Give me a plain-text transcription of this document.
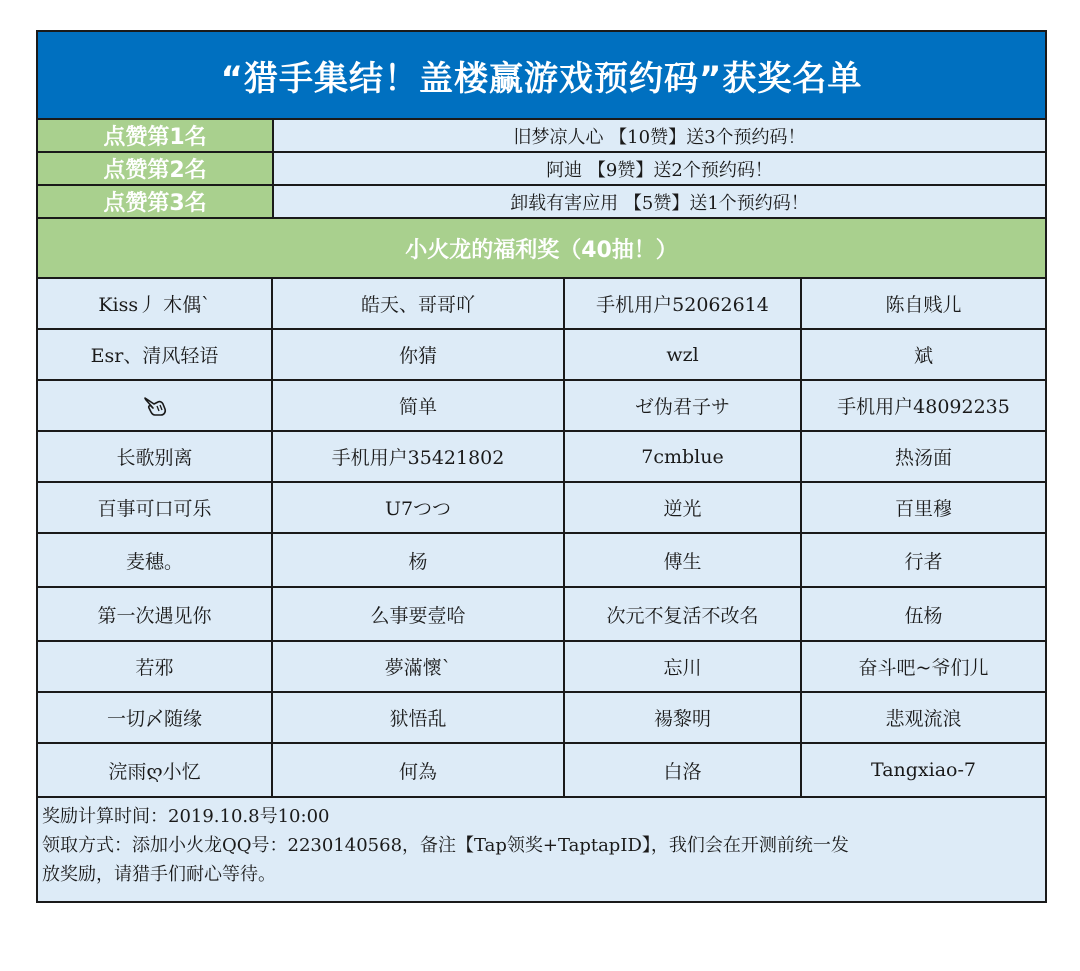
“猎手集结！盖楼赢游戏预约码”获奖名单
点赞第1名	旧梦凉人心 【10赞】送3个预约码！
点赞第2名	阿迪 【9赞】送2个预约码！
点赞第3名	卸载有害应用 【5赞】送1个预约码！
小火龙的福利奖（40抽！）
Kiss丿 木偶`	皓天、哥哥吖	手机用户52062614	陈自贱儿
Esr、清风轻语	你猜	wzl	斌
	简单	ゼ伪君子サ	手机用户48092235
长歌别离	手机用户35421802	7cmblue	热汤面
百事可口可乐	U7つつ	逆光	百里穆
麦穗。	杨	傅生	行者
第一次遇见你	么事要壹哈	次元不复活不改名	伍杨
若邪	夢滿懷`	忘川	奋斗吧~爷们儿
一切〆随缘	狱悟乱	禓黎明	悲观流浪
浣雨ღ小忆	何為	白洛	Tangxiao-7
奖励计算时间：2019.10.8号10:00
领取方式：添加小火龙QQ号：2230140568，备注【Tap领奖+TaptapID】，我们会在开测前统一发
放奖励，请猎手们耐心等待。
